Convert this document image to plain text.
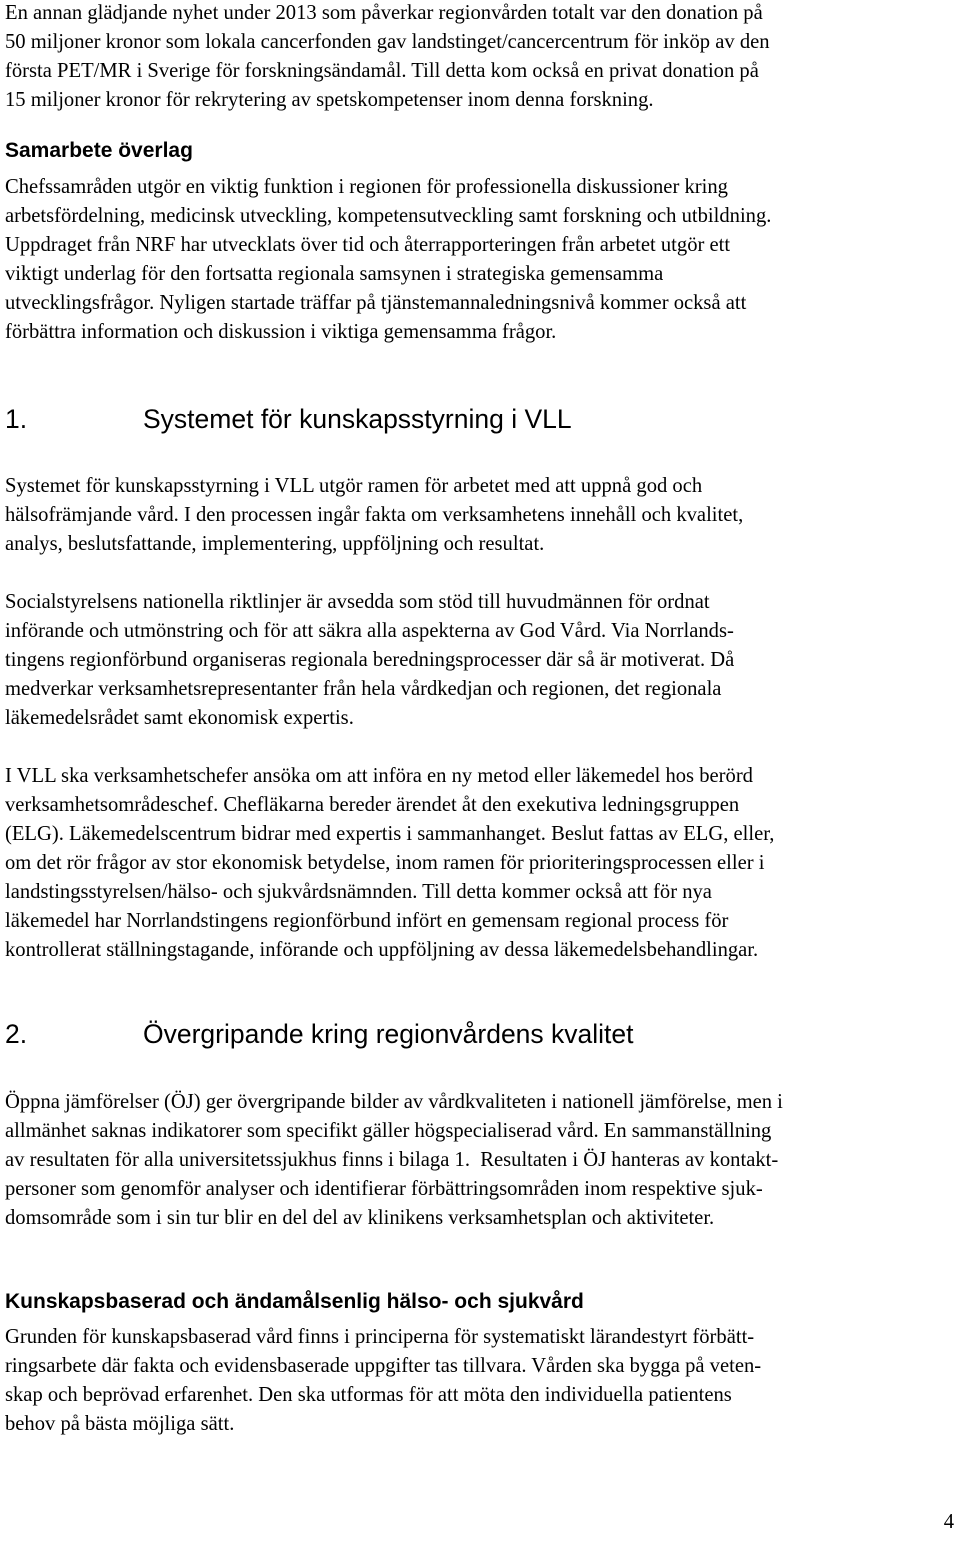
En annan glädjande nyhet under 2013 som påverkar regionvården totalt var den donation på
50 miljoner kronor som lokala cancerfonden gav landstinget/cancercentrum för inköp av den
första PET/MR i Sverige för forskningsändamål. Till detta kom också en privat donation på
15 miljoner kronor för rekrytering av spetskompetenser inom denna forskning.
Samarbete överlag
Chefssamråden utgör en viktig funktion i regionen för professionella diskussioner kring
arbetsfördelning, medicinsk utveckling, kompetensutveckling samt forskning och utbildning.
Uppdraget från NRF har utvecklats över tid och återrapporteringen från arbetet utgör ett
viktigt underlag för den fortsatta regionala samsynen i strategiska gemensamma
utvecklingsfrågor. Nyligen startade träffar på tjänstemannaledningsnivå kommer också att
förbättra information och diskussion i viktiga gemensamma frågor.
1.	Systemet för kunskapsstyrning i VLL
Systemet för kunskapsstyrning i VLL utgör ramen för arbetet med att uppnå god och
hälsofrämjande vård. I den processen ingår fakta om verksamhetens innehåll och kvalitet,
analys, beslutsfattande, implementering, uppföljning och resultat.
Socialstyrelsens nationella riktlinjer är avsedda som stöd till huvudmännen för ordnat
införande och utmönstring och för att säkra alla aspekterna av God Vård. Via Norrlands-
tingens regionförbund organiseras regionala beredningsprocesser där så är motiverat. Då
medverkar verksamhetsrepresentanter från hela vårdkedjan och regionen, det regionala
läkemedelsrådet samt ekonomisk expertis.
I VLL ska verksamhetschefer ansöka om att införa en ny metod eller läkemedel hos berörd
verksamhetsområdeschef. Chefläkarna bereder ärendet åt den exekutiva ledningsgruppen
(ELG). Läkemedelscentrum bidrar med expertis i sammanhanget. Beslut fattas av ELG, eller,
om det rör frågor av stor ekonomisk betydelse, inom ramen för prioriteringsprocessen eller i
landstingsstyrelsen/hälso- och sjukvårdsnämnden. Till detta kommer också att för nya
läkemedel har Norrlandstingens regionförbund infört en gemensam regional process för
kontrollerat ställningstagande, införande och uppföljning av dessa läkemedelsbehandlingar.
2.	Övergripande kring regionvårdens kvalitet
Öppna jämförelser (ÖJ) ger övergripande bilder av vårdkvaliteten i nationell jämförelse, men i
allmänhet saknas indikatorer som specifikt gäller högspecialiserad vård. En sammanställning
av resultaten för alla universitetssjukhus finns i bilaga 1.  Resultaten i ÖJ hanteras av kontakt-
personer som genomför analyser och identifierar förbättringsområden inom respektive sjuk-
domsområde som i sin tur blir en del del av klinikens verksamhetsplan och aktiviteter.
Kunskapsbaserad och ändamålsenlig hälso- och sjukvård
Grunden för kunskapsbaserad vård finns i principerna för systematiskt lärandestyrt förbätt-
ringsarbete där fakta och evidensbaserade uppgifter tas tillvara. Vården ska bygga på veten-
skap och beprövad erfarenhet. Den ska utformas för att möta den individuella patientens
behov på bästa möjliga sätt.
4
